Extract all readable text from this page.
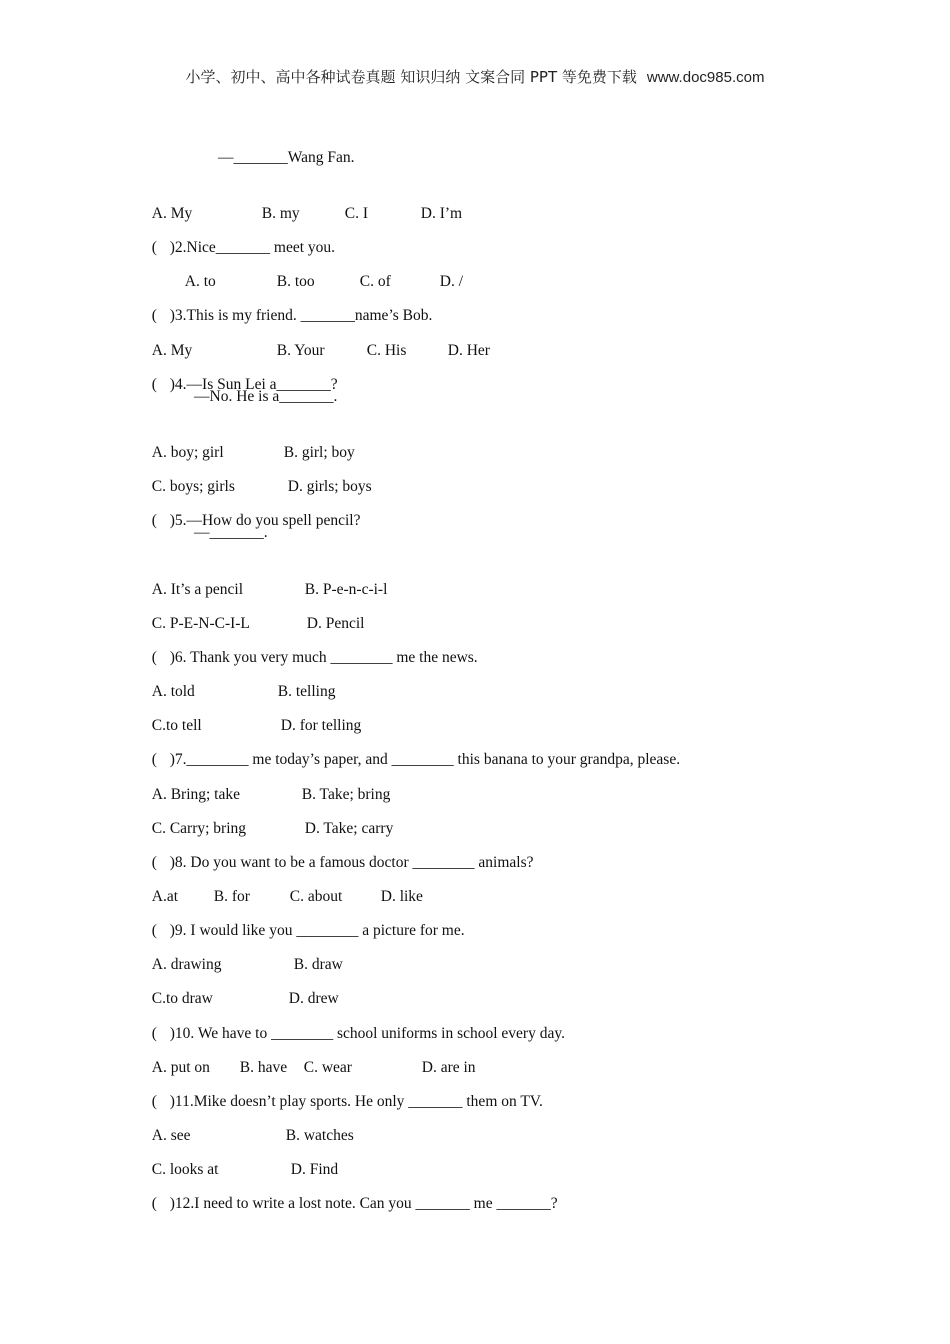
小学、初中、高中各种试卷真题 知识归纳 文案合同 PPT 等免费下载 www.doc985.com
—_______Wang Fan.

A. My	B. my	C. I	D. I’m

( )2.Nice_______ meet you.

A. to	B. too	C. of	D. /

( )3.This is my friend. _______name’s Bob.

A. My	B. Your	C. His	D. Her

( )4.—Is Sun Lei a_______?

—No. He is a_______.

A. boy; girl	B. girl; boy

C. boys; girls	D. girls; boys

( )5.—How do you spell pencil?

—_______.

A. It’s a pencil	B. P-e-n-c-i-l

C. P-E-N-C-I-L	D. Pencil

( )6. Thank you very much ________ me the news.

A. told	B. telling

C.to tell	D. for telling

( )7.________ me today’s paper, and ________ this banana to your grandpa, please.

A. Bring; take	B. Take; bring

C. Carry; bring	D. Take; carry

( )8. Do you want to be a famous doctor ________ animals?

A.at B. for	C. about D. like

( )9. I would like you ________ a picture for me.

A. drawing	B. draw

C.to draw	D. drew

( )10. We have to ________ school uniforms in school every day.

A. put on B. have C. wear	D. are in

( )11.Mike doesn’t play sports. He only _______ them on TV.

A. see	B. watches

C. looks at	D. Find

( )12.I need to write a lost note. Can you _______ me _______?
